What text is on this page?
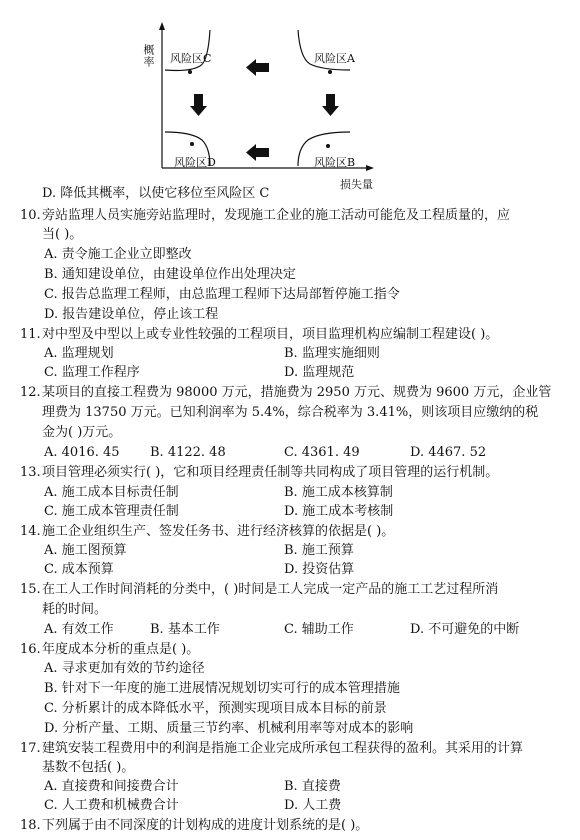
概率
损失量
风险区C	风险区A
风险区D	风险区B
D. 降低其概率，以使它移位至风险区 C
10. 旁站监理人员实施旁站监理时，发现施工企业的施工活动可能危及工程质量的，应
当( )。
A. 责令施工企业立即整改
B. 通知建设单位，由建设单位作出处理决定
C. 报告总监理工程师，由总监理工程师下达局部暂停施工指令
D. 报告建设单位，停止该工程
11. 对中型及中型以上或专业性较强的工程项目，项目监理机构应编制工程建设( )。
A. 监理规划	B. 监理实施细则
C. 监理工作程序	D. 监理规范
12. 某项目的直接工程费为 98000 万元，措施费为 2950 万元、规费为 9600 万元，企业管
理费为 13750 万元。已知利润率为 5.4%，综合税率为 3.41%，则该项目应缴纳的税
金为( )万元。
A. 4016. 45 B. 4122. 48	C. 4361. 49	D. 4467. 52
13. 项目管理必须实行( )，它和项目经理责任制等共同构成了项目管理的运行机制。
A. 施工成本目标责任制	B. 施工成本核算制
C. 施工成本管理责任制	D. 施工成本考核制
14. 施工企业组织生产、签发任务书、进行经济核算的依据是( )。
A. 施工图预算	B. 施工预算
C. 成本预算	D. 投资估算
15. 在工人工作时间消耗的分类中，( )时间是工人完成一定产品的施工工艺过程所消
耗的时间。
A. 有效工作	B. 基本工作	C. 辅助工作	D. 不可避免的中断
16. 年度成本分析的重点是( )。
A. 寻求更加有效的节约途径
B. 针对下一年度的施工进展情况规划切实可行的成本管理措施
C. 分析累计的成本降低水平，预测实现项目成本目标的前景
D. 分析产量、工期、质量三节约率、机械利用率等对成本的影响
17. 建筑安装工程费用中的利润是指施工企业完成所承包工程获得的盈利。其采用的计算
基数不包括( )。
A. 直接费和间接费合计	B. 直接费
C. 人工费和机械费合计	D. 人工费
18. 下列属于由不同深度的计划构成的进度计划系统的是( )。
